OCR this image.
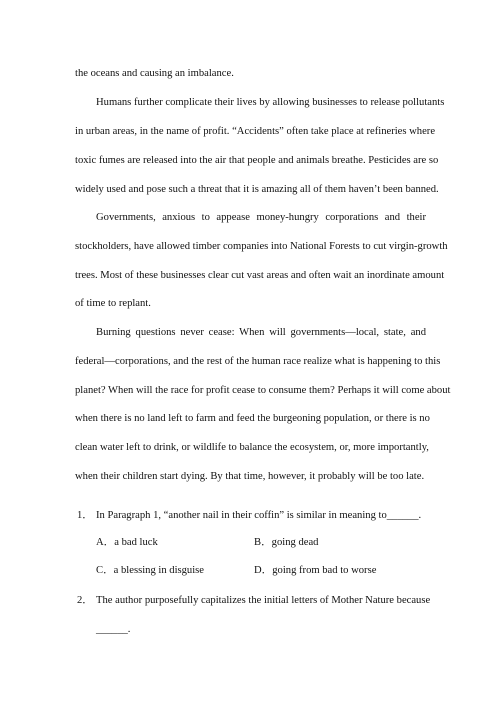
the oceans and causing an imbalance.
Humans further complicate their lives by allowing businesses to release pollutants
in urban areas, in the name of profit. “Accidents” often take place at refineries where
toxic fumes are released into the air that people and animals breathe. Pesticides are so
widely used and pose such a threat that it is amazing all of them haven’t been banned.
Governments, anxious to appease money-hungry corporations and their
stockholders, have allowed timber companies into National Forests to cut virgin-growth
trees. Most of these businesses clear cut vast areas and often wait an inordinate amount
of time to replant.
Burning questions never cease: When will governments—local, state, and
federal—corporations, and the rest of the human race realize what is happening to this
planet? When will the race for profit cease to consume them? Perhaps it will come about
when there is no land left to farm and feed the burgeoning population, or there is no
clean water left to drink, or wildlife to balance the ecosystem, or, more importantly,
when their children start dying. By that time, however, it probably will be too late.
1． In Paragraph 1, “another nail in their coffin” is similar in meaning to______.
A．a bad luck	B．going dead
C．a blessing in disguise	D．going from bad to worse
2． The author purposefully capitalizes the initial letters of Mother Nature because
______.
